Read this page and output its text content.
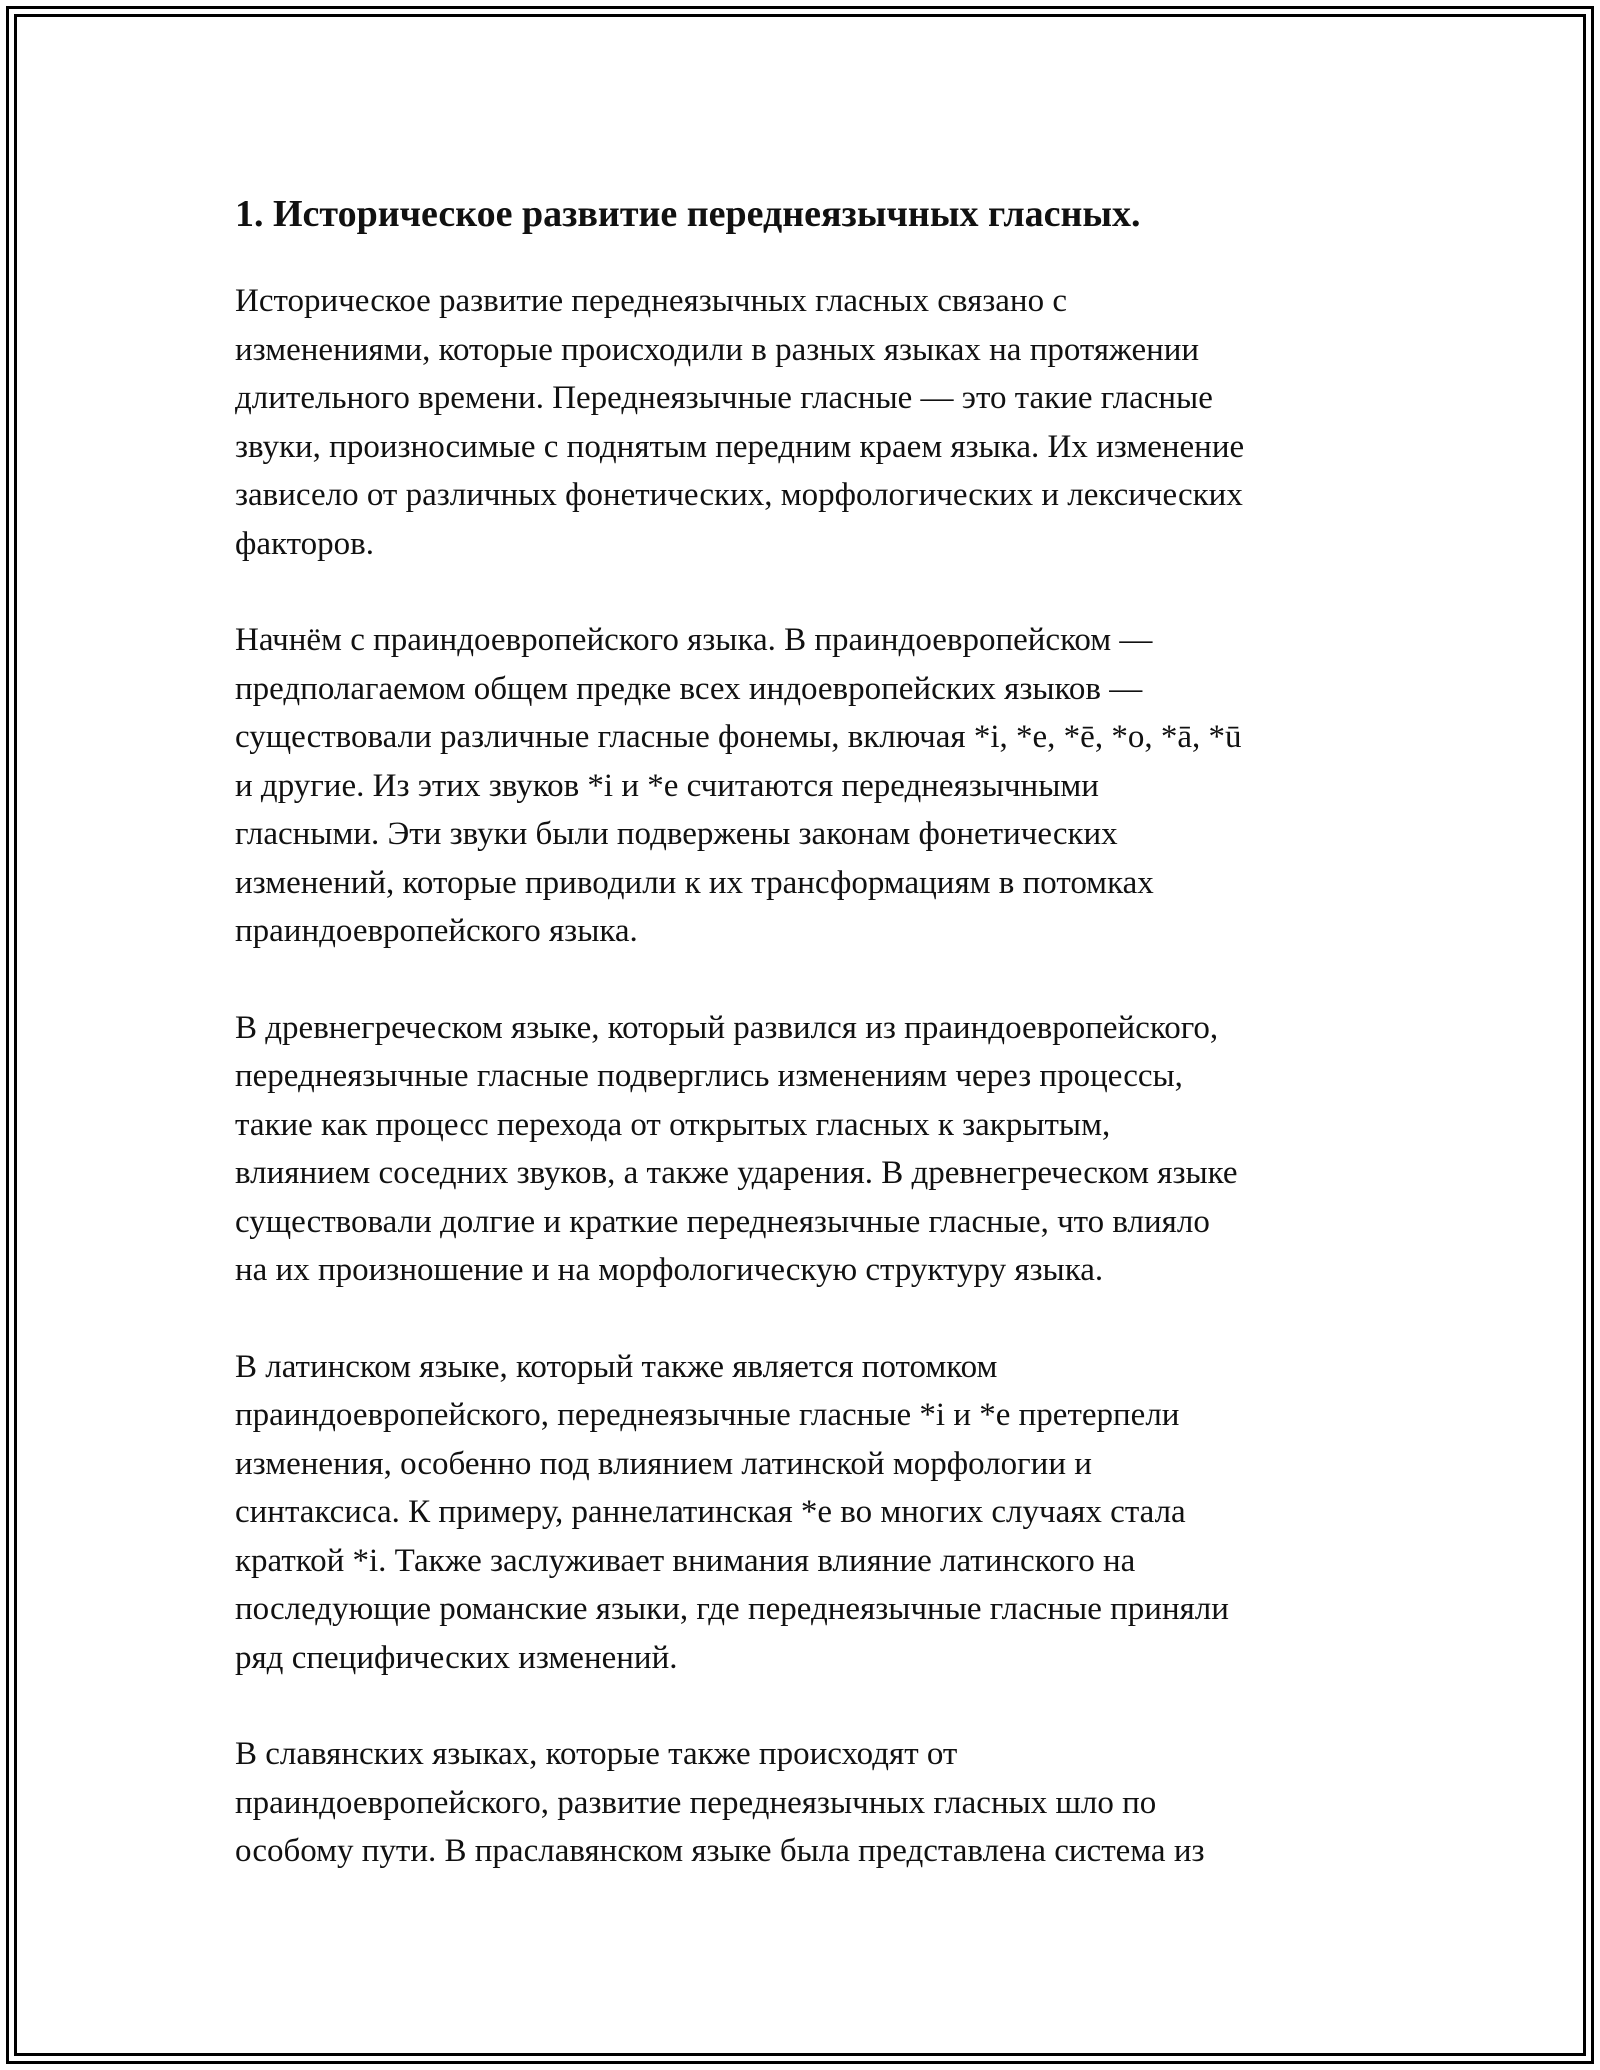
1. Историческое развитие переднеязычных гласных.

Историческое развитие переднеязычных гласных связано с
изменениями, которые происходили в разных языках на протяжении
длительного времени. Переднеязычные гласные — это такие гласные
звуки, произносимые с поднятым передним краем языка. Их изменение
зависело от различных фонетических, морфологических и лексических
факторов.

Начнём с праиндоевропейского языка. В праиндоевропейском —
предполагаемом общем предке всех индоевропейских языков —
существовали различные гласные фонемы, включая *i, *e, *ē, *o, *ā, *ū
и другие. Из этих звуков *i и *e считаются переднеязычными
гласными. Эти звуки были подвержены законам фонетических
изменений, которые приводили к их трансформациям в потомках
праиндоевропейского языка.

В древнегреческом языке, который развился из праиндоевропейского,
переднеязычные гласные подверглись изменениям через процессы,
такие как процесс перехода от открытых гласных к закрытым,
влиянием соседних звуков, а также ударения. В древнегреческом языке
существовали долгие и краткие переднеязычные гласные, что влияло
на их произношение и на морфологическую структуру языка.

В латинском языке, который также является потомком
праиндоевропейского, переднеязычные гласные *i и *e претерпели
изменения, особенно под влиянием латинской морфологии и
синтаксиса. К примеру, раннелатинская *e во многих случаях стала
краткой *i. Также заслуживает внимания влияние латинского на
последующие романские языки, где переднеязычные гласные приняли
ряд специфических изменений.

В славянских языках, которые также происходят от
праиндоевропейского, развитие переднеязычных гласных шло по
особому пути. В праславянском языке была представлена система из
